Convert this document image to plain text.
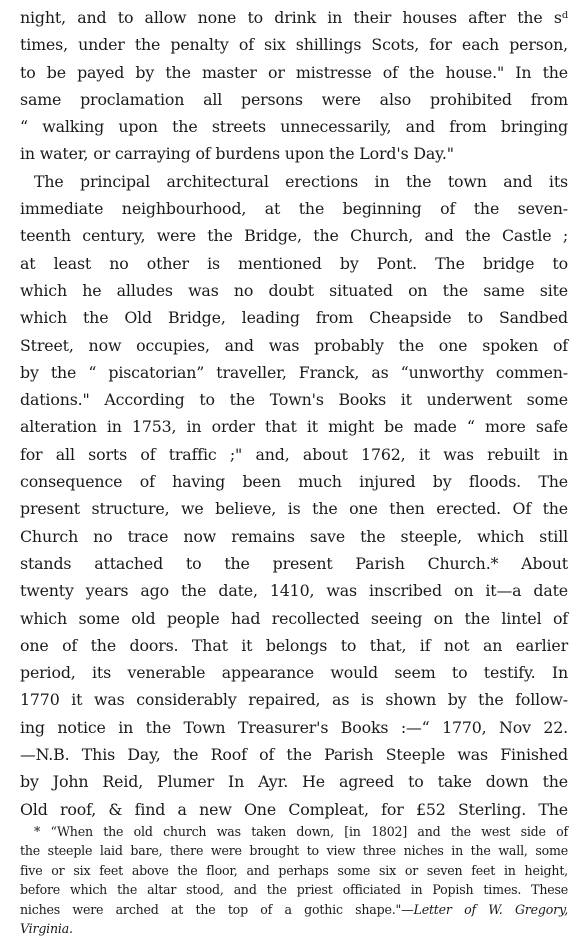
night, and to allow none to drink in their houses after the sᵈ
times, under the penalty of six shillings Scots, for each person,
to be payed by the master or mistresse of the house." In the
same proclamation all persons were also prohibited from
“ walking upon the streets unnecessarily, and from bringing
in water, or carraying of burdens upon the Lord's Day."
The principal architectural erections in the town and its
immediate neighbourhood, at the beginning of the seven-
teenth century, were the Bridge, the Church, and the Castle ;
at least no other is mentioned by Pont. The bridge to
which he alludes was no doubt situated on the same site
which the Old Bridge, leading from Cheapside to Sandbed
Street, now occupies, and was probably the one spoken of
by the “ piscatorian” traveller, Franck, as “unworthy commen-
dations." According to the Town's Books it underwent some
alteration in 1753, in order that it might be made “ more safe
for all sorts of traffic ;" and, about 1762, it was rebuilt in
consequence of having been much injured by floods. The
present structure, we believe, is the one then erected. Of the
Church no trace now remains save the steeple, which still
stands attached to the present Parish Church.* About
twenty years ago the date, 1410, was inscribed on it—a date
which some old people had recollected seeing on the lintel of
one of the doors. That it belongs to that, if not an earlier
period, its venerable appearance would seem to testify. In
1770 it was considerably repaired, as is shown by the follow-
ing notice in the Town Treasurer's Books :—“ 1770, Nov 22.
—N.B. This Day, the Roof of the Parish Steeple was Finished
by John Reid, Plumer In Ayr. He agreed to take down the
Old roof, & find a new One Compleat, for £52 Sterling. The
* “When the old church was taken down, [in 1802] and the west side of
the steeple laid bare, there were brought to view three niches in the wall, some
five or six feet above the floor, and perhaps some six or seven feet in height,
before which the altar stood, and the priest officiated in Popish times. These
niches were arched at the top of a gothic shape."—Letter of W. Gregory,
Virginia.
